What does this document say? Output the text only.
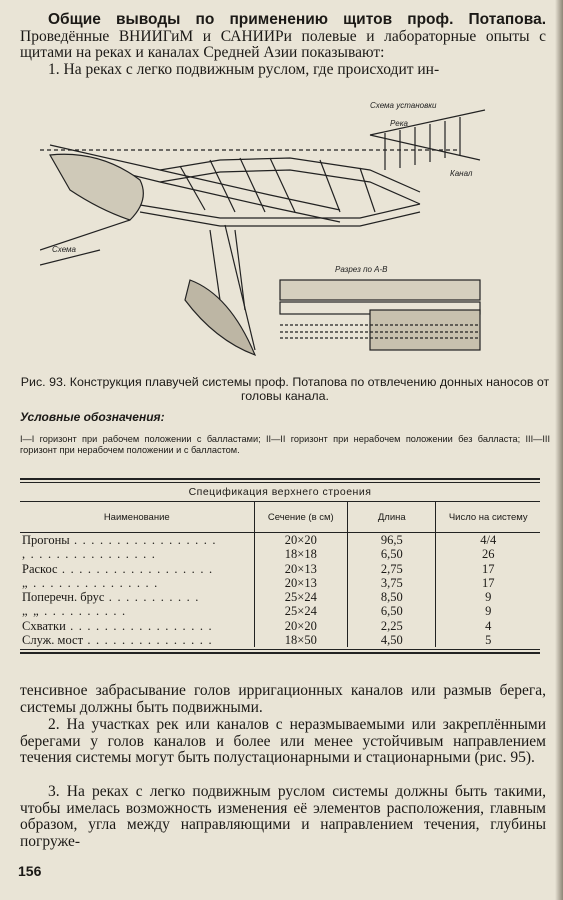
Общие выводы по применению щитов проф. Потапова. Проведённые ВНИИГиМ и САНИИРи полевые и лабораторные опыты с щитами на реках и каналах Средней Азии показывают:
1. На реках с легко подвижным руслом, где происходит ин-
Схема установки
Река
Канал
Схема
Разрез по А-В
Рис. 93. Конструкция плавучей системы проф. Потапова по отвлечению донных наносов от головы канала.
Условные обозначения:
I—I горизонт при рабочем положении с балластами; II—II горизонт при нерабочем положении без балласта; III—III горизонт при нерабочем положении и с балластом.
Спецификация верхнего строения
Наименование	Сечение (в см)	Длина	Число на систему
Прогоны . . . . . . . . . . . . . . . . .	20×20	96,5	4/4
, . . . . . . . . . . . . . . .	18×18	6,50	26
Раскос . . . . . . . . . . . . . . . . . .	20×13	2,75	17
„ . . . . . . . . . . . . . . .	20×13	3,75	17
Поперечн. брус . . . . . . . . . . .	25×24	8,50	9
„ „ . . . . . . . . . .	25×24	6,50	9
Схватки . . . . . . . . . . . . . . . . .	20×20	2,25	4
Служ. мост . . . . . . . . . . . . . . .	18×50	4,50	5
тенсивное забрасывание голов ирригационных каналов или размыв берега, системы должны быть подвижными.
2. На участках рек или каналов с неразмываемыми или закреплёнными берегами у голов каналов и более или менее устойчивым направлением течения системы могут быть полустационарными и стационарными (рис. 95).
3. На реках с легко подвижным руслом системы должны быть такими, чтобы имелась возможность изменения её элементов расположения, главным образом, угла между направляющими и направлением течения, глубины погруже-
156
